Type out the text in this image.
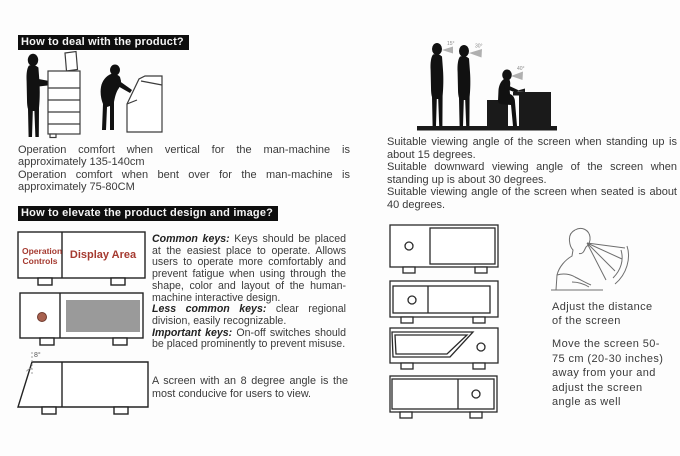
How to deal with the product?

Operation comfort when vertical for the man-machine is approximately 135-140cm

Operation comfort when bent over for the man-machine is approximately 75-80CM

How to elevate the product design and image?
Operation Controls	Display Area
8°

Common keys: Keys should be placed at the easiest place to operate. Allows users to operate more comfortably and prevent fatigue when using through the shape, color and layout of the human-machine interactive design.

Less common keys: clear regional division, easily recognizable.

Important keys: On-off switches should be placed prominently to prevent misuse.

A screen with an 8 degree angle is the most conducive for users to view.
15°	30°
40°

Suitable viewing angle of the screen when standing up is about 15 degrees.

Suitable downward viewing angle of the screen when standing up is about 30 degrees.

Suitable viewing angle of the screen when seated is about 40 degrees.

Adjust the distance of the screen
Move the screen 50-75 cm (20-30 inches) away from your and adjust the screen angle as well
